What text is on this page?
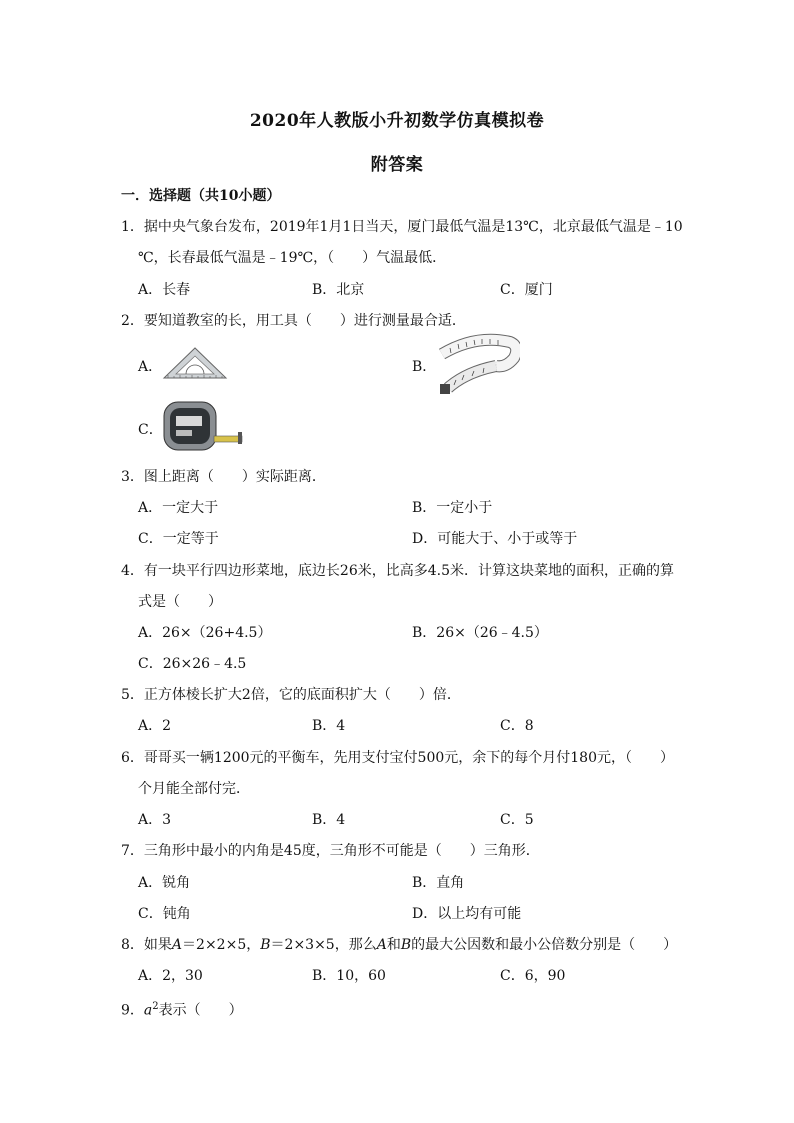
2020年人教版小升初数学仿真模拟卷
附答案
一．选择题（共10小题）
1．据中央气象台发布，2019年1月1日当天，厦门最低气温是13℃，北京最低气温是﹣10
℃，长春最低气温是﹣19℃，（　　）气温最低．
A．长春	B．北京	C．厦门
2．要知道教室的长，用工具（　　）进行测量最合适．
A．	B．
C．
3．图上距离（　　）实际距离．
A．一定大于	B．一定小于
C．一定等于	D．可能大于、小于或等于
4．有一块平行四边形菜地，底边长26米，比高多4.5米．计算这块菜地的面积，正确的算
式是（　　）
A．26×（26+4.5）	B．26×（26﹣4.5）
C．26×26﹣4.5
5．正方体棱长扩大2倍，它的底面积扩大（　　）倍．
A．2	B．4	C．8
6．哥哥买一辆1200元的平衡车，先用支付宝付500元，余下的每个月付180元，（　　）
个月能全部付完．
A．3	B．4	C．5
7．三角形中最小的内角是45度，三角形不可能是（　　）三角形．
A．锐角	B．直角
C．钝角	D．以上均有可能
8．如果A＝2×2×5，B＝2×3×5，那么A和B的最大公因数和最小公倍数分别是（　　）
A．2，30	B．10，60	C．6，90
9．$a^2$表示（　　）
